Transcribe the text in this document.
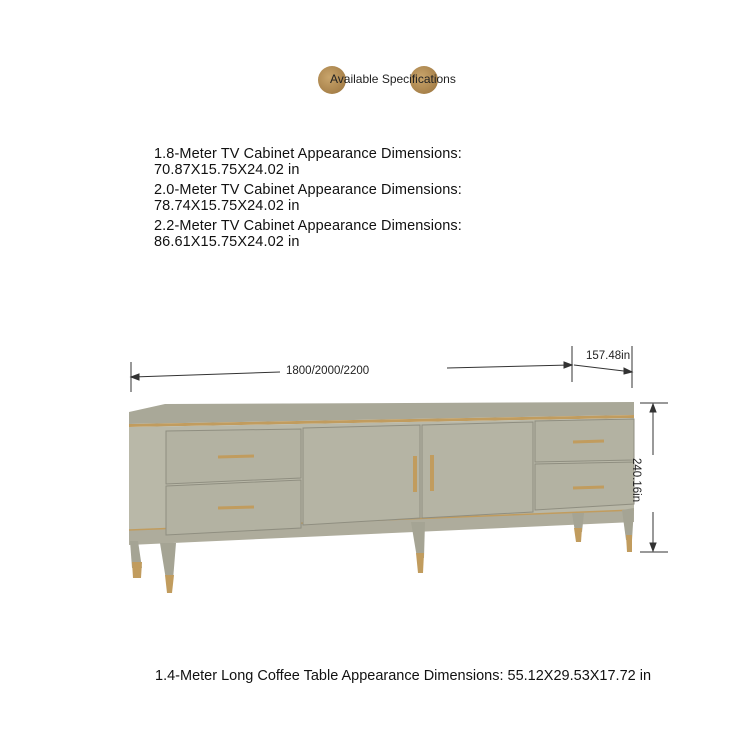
Available Specifications
1.8-Meter TV Cabinet Appearance Dimensions:
70.87X15.75X24.02 in
2.0-Meter TV Cabinet Appearance Dimensions:
78.74X15.75X24.02 in
2.2-Meter TV Cabinet Appearance Dimensions:
86.61X15.75X24.02 in
1800/2000/2200
157.48in
240.16in
1.4-Meter Long Coffee Table Appearance Dimensions: 55.12X29.53X17.72 in
